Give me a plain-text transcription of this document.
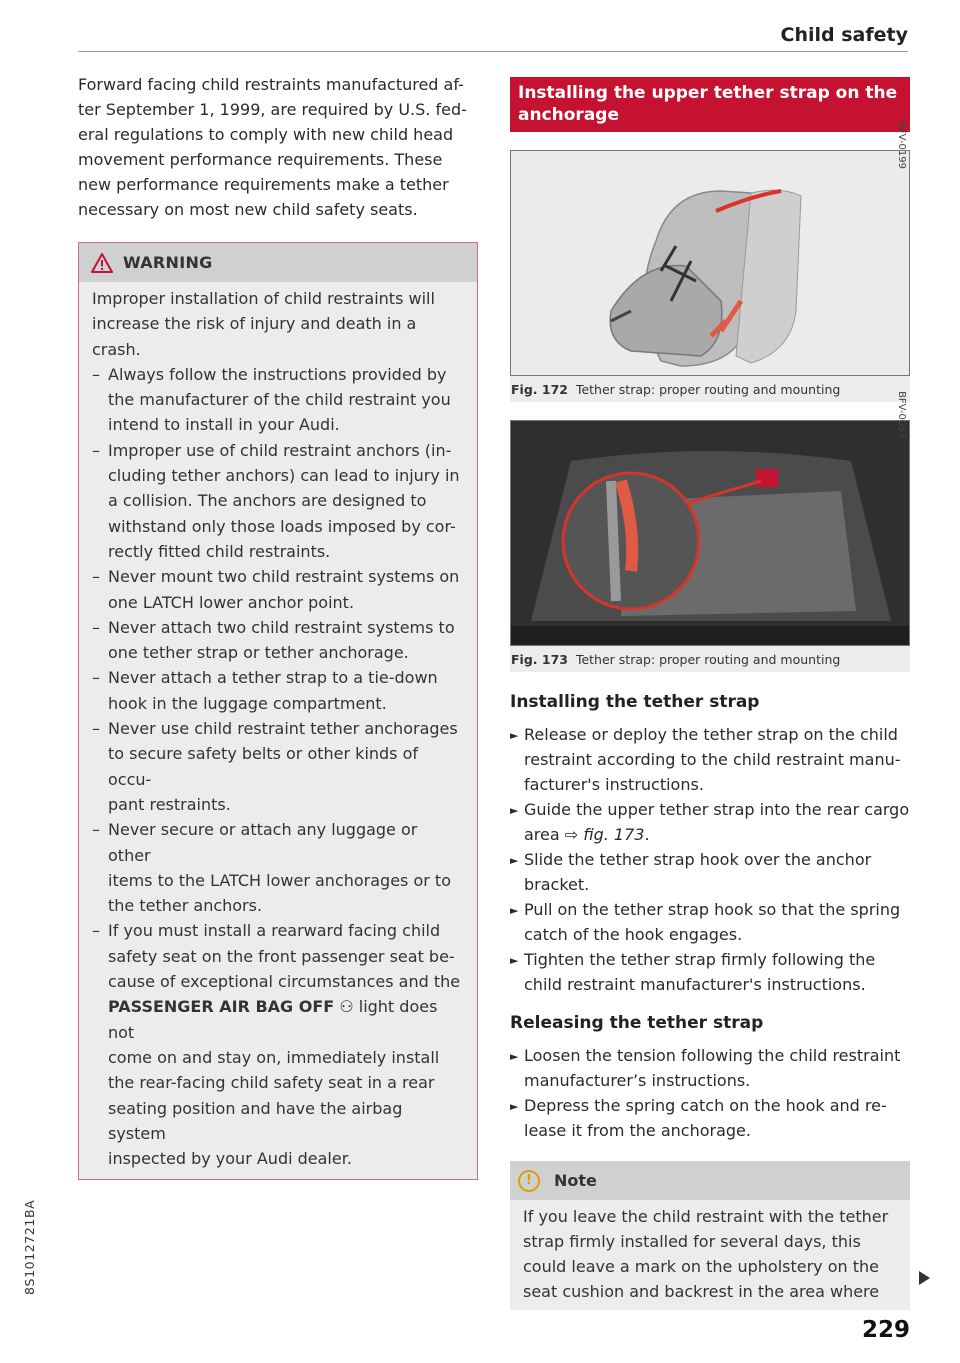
Child safety
8S1012721BA
Forward facing child restraints manufactured af-
ter September 1, 1999, are required by U.S. fed-
eral regulations to comply with new child head
movement performance requirements. These
new performance requirements make a tether
necessary on most new child safety seats.
WARNING
Improper installation of child restraints will
increase the risk of injury and death in a crash.
– Always follow the instructions provided by
the manufacturer of the child restraint you
intend to install in your Audi.
– Improper use of child restraint anchors (in-
cluding tether anchors) can lead to injury in
a collision. The anchors are designed to
withstand only those loads imposed by cor-
rectly fitted child restraints.
– Never mount two child restraint systems on
one LATCH lower anchor point.
– Never attach two child restraint systems to
one tether strap or tether anchorage.
– Never attach a tether strap to a tie-down
hook in the luggage compartment.
– Never use child restraint tether anchorages
to secure safety belts or other kinds of occu-
pant restraints.
– Never secure or attach any luggage or other
items to the LATCH lower anchorages or to
the tether anchors.
– If you must install a rearward facing child
safety seat on the front passenger seat be-
cause of exceptional circumstances and the
PASSENGER AIR BAG OFF ⚇ light does not
come on and stay on, immediately install
the rear-facing child safety seat in a rear
seating position and have the airbag system
inspected by your Audi dealer.
Installing the upper tether strap on the
anchorage
BFV-0199
Fig. 172 Tether strap: proper routing and mounting
BFV-0055
Fig. 173 Tether strap: proper routing and mounting

Installing the tether strap

► Release or deploy the tether strap on the child
restraint according to the child restraint manu-
facturer's instructions.
► Guide the upper tether strap into the rear cargo
area ⇨ fig. 173.
► Slide the tether strap hook over the anchor
bracket.
► Pull on the tether strap hook so that the spring
catch of the hook engages.
► Tighten the tether strap firmly following the
child restraint manufacturer's instructions.

Releasing the tether strap

► Loosen the tension following the child restraint
manufacturer’s instructions.
► Depress the spring catch on the hook and re-
lease it from the anchorage.
!	Note
If you leave the child restraint with the tether
strap firmly installed for several days, this
could leave a mark on the upholstery on the
seat cushion and backrest in the area where
229
